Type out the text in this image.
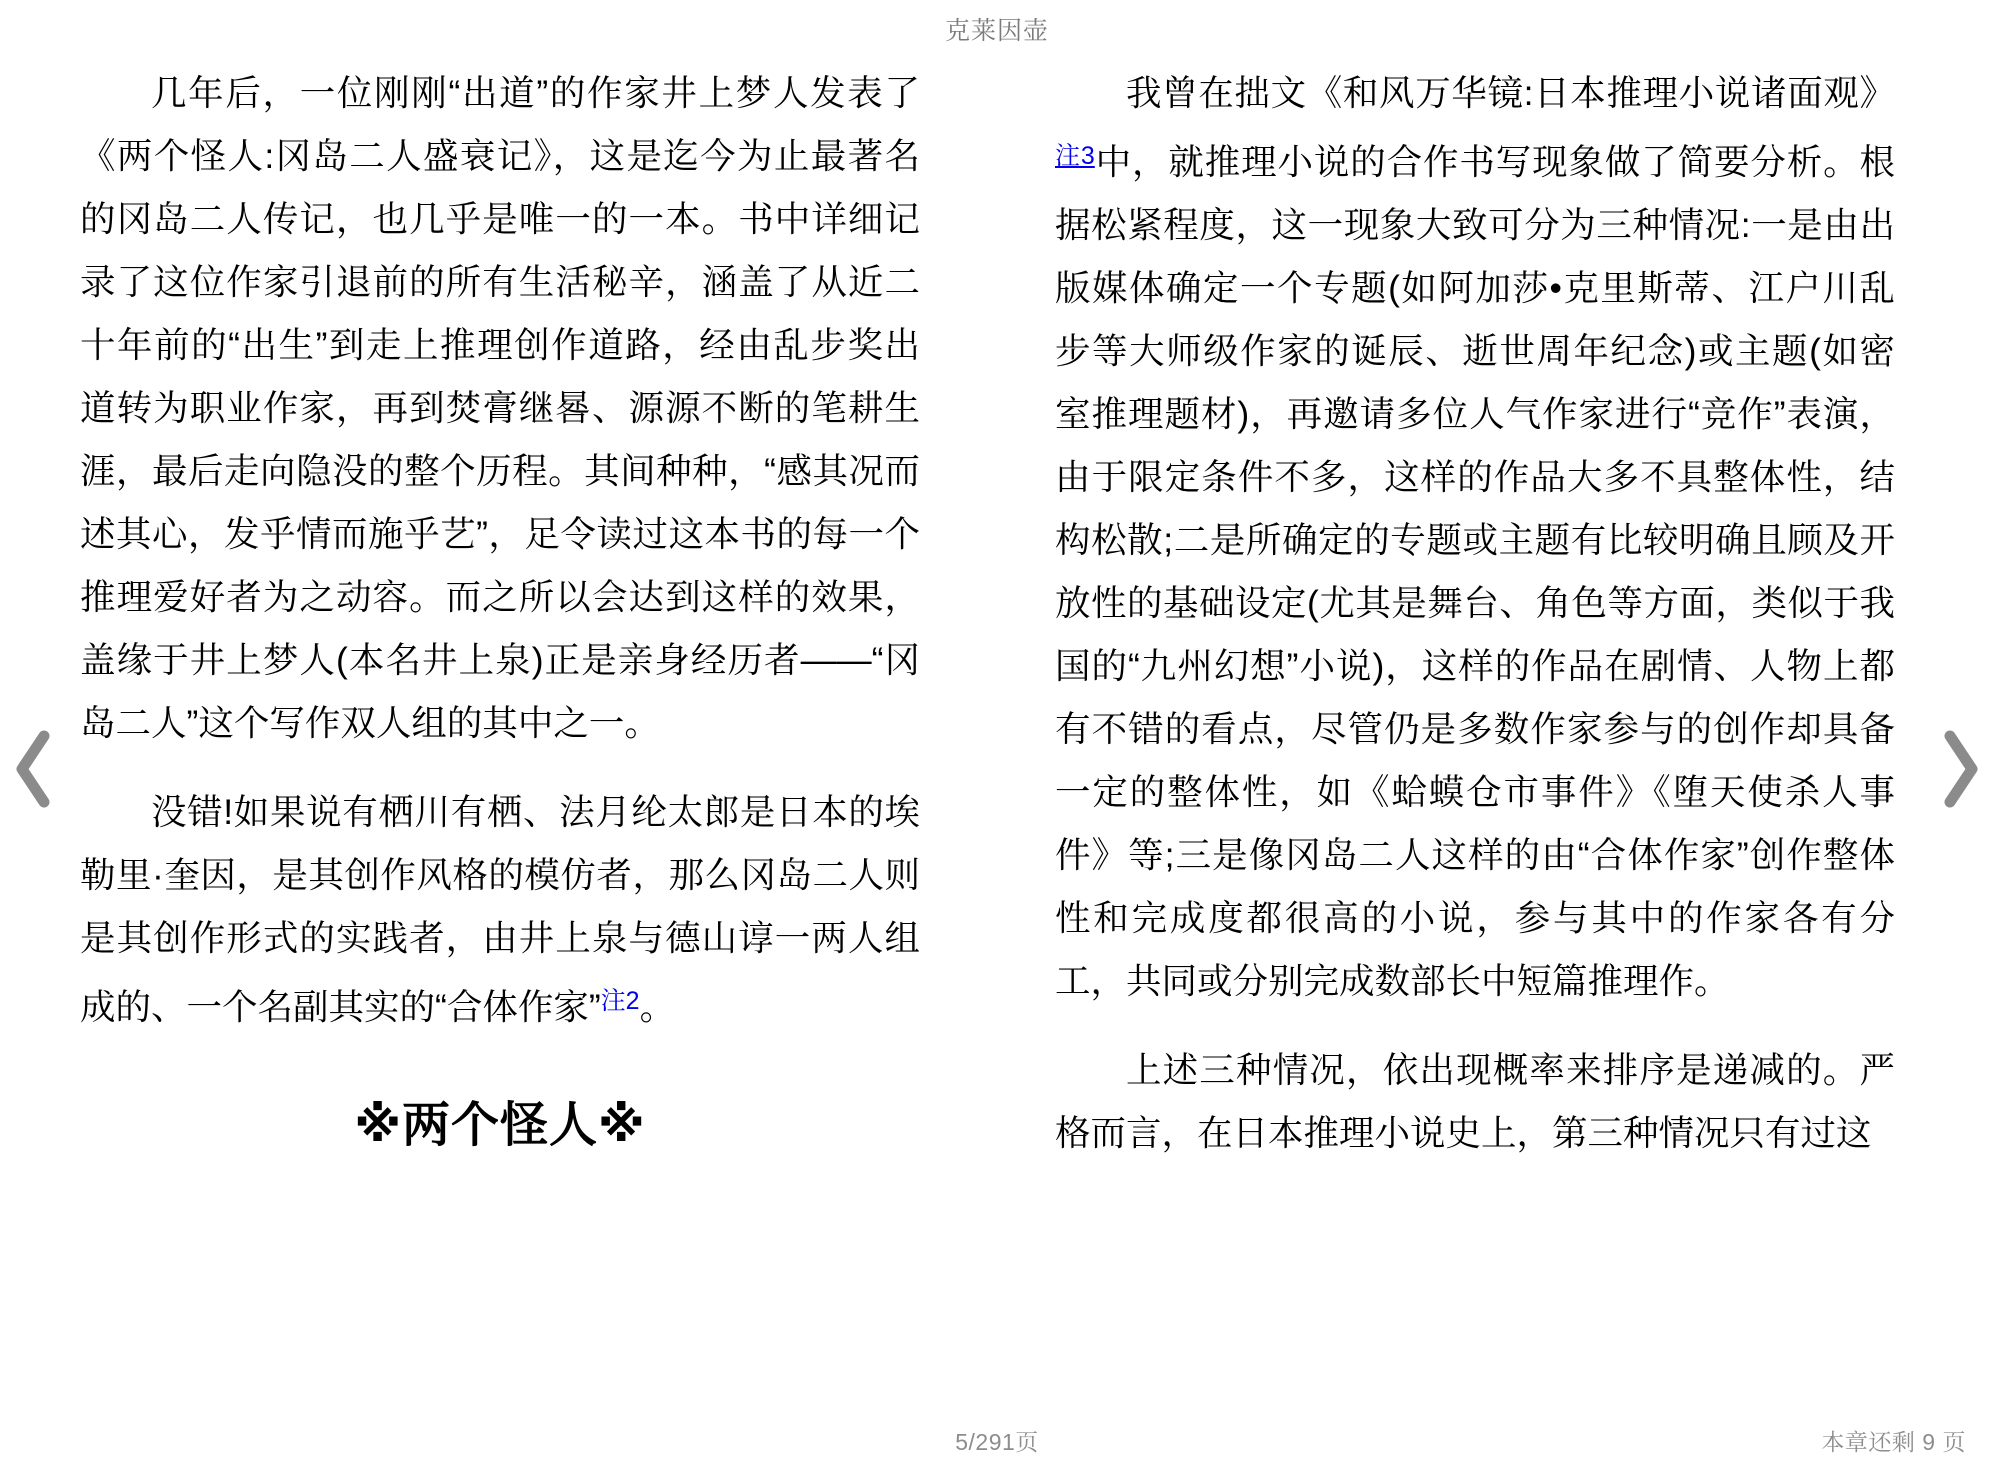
克莱因壶

几年后，一位刚刚“出道”的作家井上梦人发表了《两个怪人:冈岛二人盛衰记》，这是迄今为止最著名的冈岛二人传记，也几乎是唯一的一本。书中详细记录了这位作家引退前的所有生活秘辛，涵盖了从近二十年前的“出生”到走上推理创作道路，经由乱步奖出道转为职业作家，再到焚膏继晷、源源不断的笔耕生涯，最后走向隐没的整个历程。其间种种，“感其况而述其心，发乎情而施乎艺”，足令读过这本书的每一个推理爱好者为之动容。而之所以会达到这样的效果，盖缘于井上梦人(本名井上泉)正是亲身经历者——“冈岛二人”这个写作双人组的其中之一。

没错!如果说有栖川有栖、法月纶太郎是日本的埃勒里·奎因，是其创作风格的模仿者，那么冈岛二人则是其创作形式的实践者，由井上泉与德山谆一两人组成的、一个名副其实的“合体作家”$^{注2}$。

※两个怪人※

我曾在拙文《和风万华镜:日本推理小说诸面观》$^{注3}$中，就推理小说的合作书写现象做了简要分析。根据松紧程度，这一现象大致可分为三种情况:一是由出版媒体确定一个专题(如阿加莎•克里斯蒂、江户川乱步等大师级作家的诞辰、逝世周年纪念)或主题(如密室推理题材)，再邀请多位人气作家进行“竞作”表演，由于限定条件不多，这样的作品大多不具整体性，结构松散;二是所确定的专题或主题有比较明确且顾及开放性的基础设定(尤其是舞台、角色等方面，类似于我国的“九州幻想”小说)，这样的作品在剧情、人物上都有不错的看点，尽管仍是多数作家参与的创作却具备一定的整体性，如《蛤蟆仓市事件》《堕天使杀人事件》等;三是像冈岛二人这样的由“合体作家”创作整体性和完成度都很高的小说，参与其中的作家各有分工，共同或分别完成数部长中短篇推理作。

上述三种情况，依出现概率来排序是递减的。严格而言，在日本推理小说史上，第三种情况只有过这

5/291页	本章还剩 9 页
